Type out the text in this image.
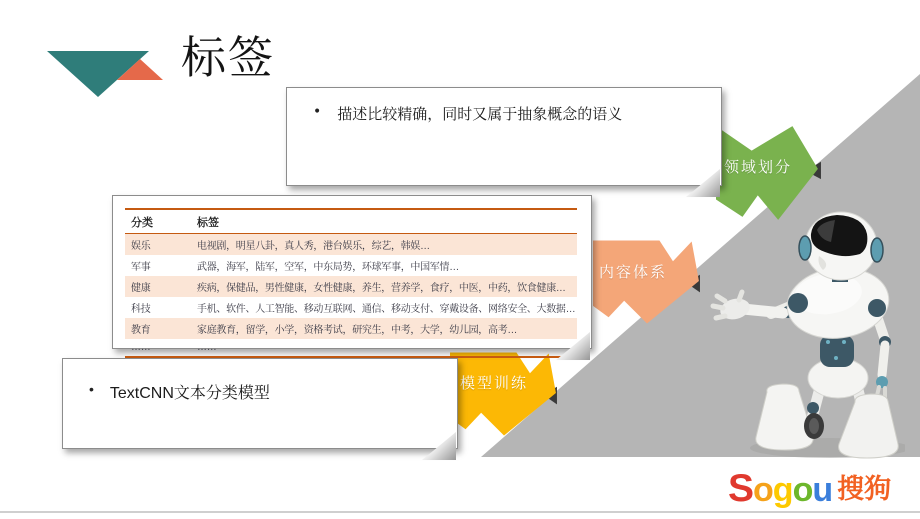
模型训练
内容体系
领域划分
标签
• 描述比较精确，同时又属于抽象概念的语义
分类	标签
娱乐	电视剧，明星八卦，真人秀，港台娱乐，综艺，韩娱…
军事	武器，海军，陆军，空军，中东局势，环球军事，中国军情…
健康	疾病，保健品，男性健康，女性健康，养生，营养学，食疗，中医，中药，饮食健康…
科技	手机、软件、人工智能、移动互联网、通信、移动支付、穿戴设备、网络安全、大数据…
教育	家庭教育，留学，小学，资格考试，研究生，中考，大学，幼儿园，高考…
……	……
• TextCNN文本分类模型
Sogou 搜狗
